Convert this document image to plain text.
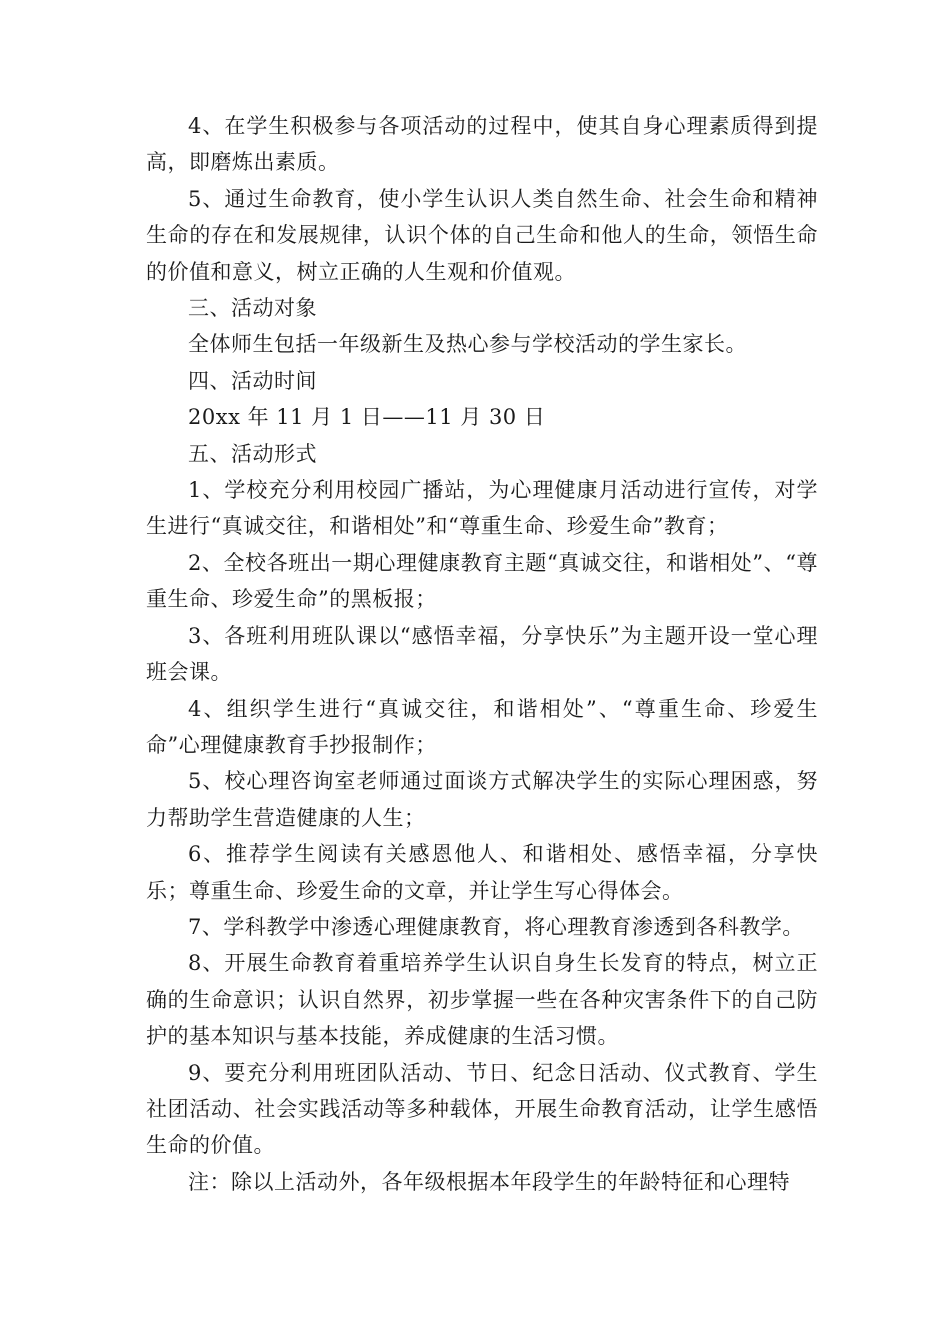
4、在学生积极参与各项活动的过程中，使其自身心理素质得到提高，即磨炼出素质。

5、通过生命教育，使小学生认识人类自然生命、社会生命和精神生命的存在和发展规律，认识个体的自己生命和他人的生命，领悟生命的价值和意义，树立正确的人生观和价值观。

三、活动对象

全体师生包括一年级新生及热心参与学校活动的学生家长。

四、活动时间

20xx 年 11 月 1 日——11 月 30 日

五、活动形式

1、学校充分利用校园广播站，为心理健康月活动进行宣传，对学生进行“真诚交往，和谐相处”和“尊重生命、珍爱生命”教育；

2、全校各班出一期心理健康教育主题“真诚交往，和谐相处”、“尊重生命、珍爱生命”的黑板报；

3、各班利用班队课以“感悟幸福，分享快乐”为主题开设一堂心理班会课。

4、组织学生进行“真诚交往，和谐相处”、“尊重生命、珍爱生命”心理健康教育手抄报制作；

5、校心理咨询室老师通过面谈方式解决学生的实际心理困惑，努力帮助学生营造健康的人生；

6、推荐学生阅读有关感恩他人、和谐相处、感悟幸福，分享快乐；尊重生命、珍爱生命的文章，并让学生写心得体会。

7、学科教学中渗透心理健康教育，将心理教育渗透到各科教学。

8、开展生命教育着重培养学生认识自身生长发育的特点，树立正确的生命意识；认识自然界，初步掌握一些在各种灾害条件下的自己防护的基本知识与基本技能，养成健康的生活习惯。

9、要充分利用班团队活动、节日、纪念日活动、仪式教育、学生社团活动、社会实践活动等多种载体，开展生命教育活动，让学生感悟生命的价值。

注：除以上活动外，各年级根据本年段学生的年龄特征和心理特
